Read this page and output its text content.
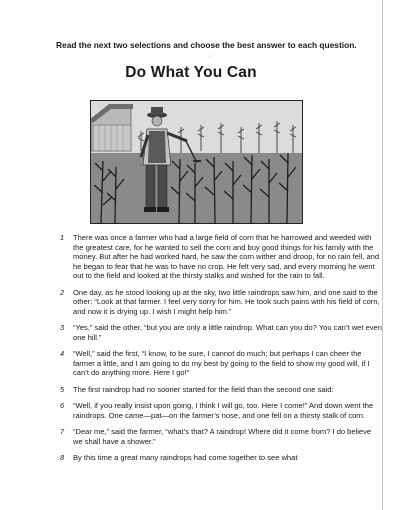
Read the next two selections and choose the best answer to each question.
·
Do What You Can
1 There was once a farmer who had a large field of corn that he harrowed and weeded with the greatest care, for he wanted to sell the corn and buy good things for his family with the money. But after he had worked hard, he saw the corn wither and droop, for no rain fell, and he began to fear that he was to have no crop. He felt very sad, and every morning he went out to the field and looked at the thirsty stalks and wished for the rain to fall.
2 One day, as he stood looking up at the sky, two little raindrops saw him, and one said to the other: “Look at that farmer. I feel very sorry for him. He took such pains with his field of corn, and now it is drying up. I wish I might help him.”
3 “Yes,” said the other, “but you are only a little raindrop. What can you do? You can’t wet even one hill.”
4 “Well,” said the first, “I know, to be sure, I cannot do much; but perhaps I can cheer the farmer a little, and I am going to do my best by going to the field to show my good will, if I can’t do anything more. Here I go!”
5 The first raindrop had no sooner started for the field than the second one said:
6 “Well, if you really insist upon going, I think I will go, too. Here I come!” And down went the raindrops. One came—pat—on the farmer’s nose, and one fell on a thirsty stalk of corn.
7 “Dear me,” said the farmer, “what’s that? A raindrop! Where did it come from? I do believe we shall have a shower.”
8 By this time a great many raindrops had come together to see what
